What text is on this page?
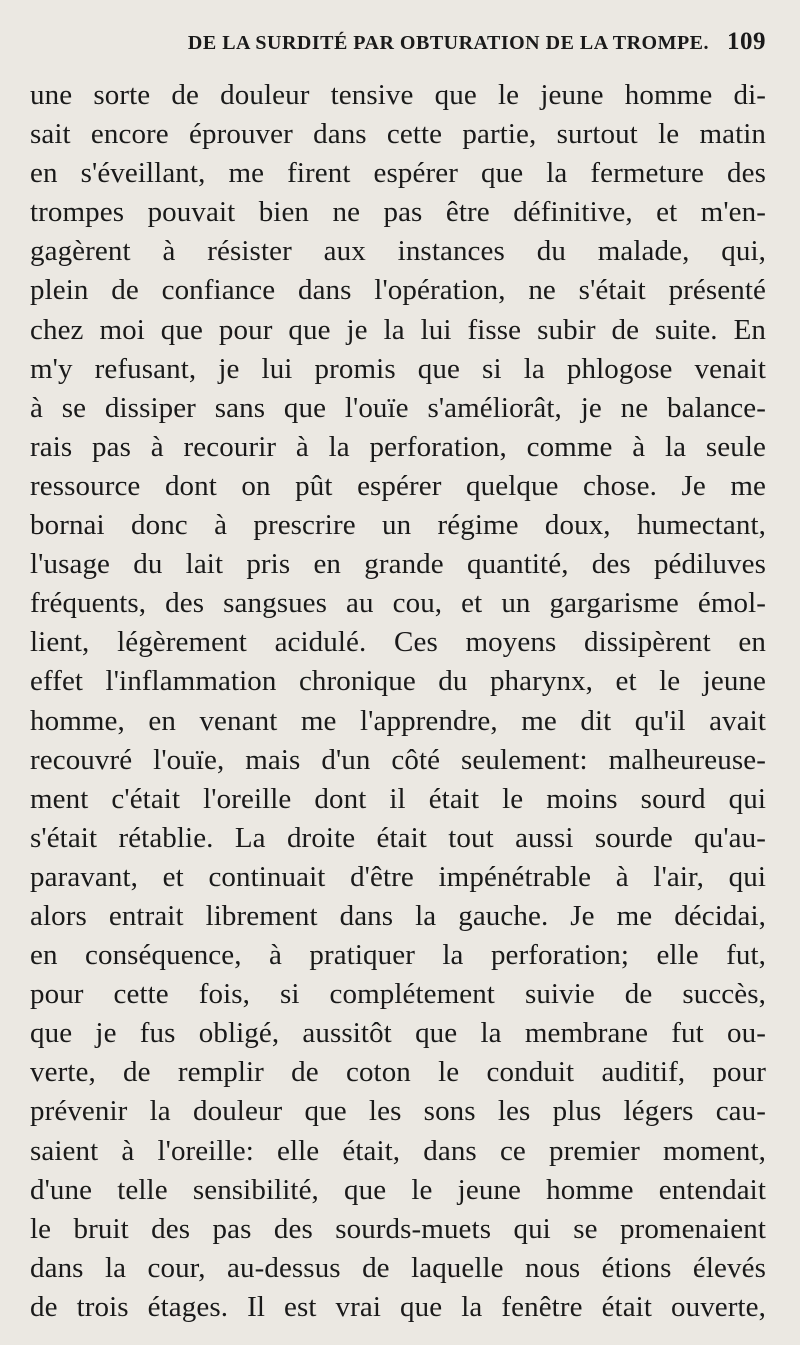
DE LA SURDITÉ PAR OBTURATION DE LA TROMPE. 109
une sorte de douleur tensive que le jeune homme di-
sait encore éprouver dans cette partie, surtout le matin
en s'éveillant, me firent espérer que la fermeture des
trompes pouvait bien ne pas être définitive, et m'en-
gagèrent à résister aux instances du malade, qui,
plein de confiance dans l'opération, ne s'était présenté
chez moi que pour que je la lui fisse subir de suite. En
m'y refusant, je lui promis que si la phlogose venait
à se dissiper sans que l'ouïe s'améliorât, je ne balance-
rais pas à recourir à la perforation, comme à la seule
ressource dont on pût espérer quelque chose. Je me
bornai donc à prescrire un régime doux, humectant,
l'usage du lait pris en grande quantité, des pédiluves
fréquents, des sangsues au cou, et un gargarisme émol-
lient, légèrement acidulé. Ces moyens dissipèrent en
effet l'inflammation chronique du pharynx, et le jeune
homme, en venant me l'apprendre, me dit qu'il avait
recouvré l'ouïe, mais d'un côté seulement: malheureuse-
ment c'était l'oreille dont il était le moins sourd qui
s'était rétablie. La droite était tout aussi sourde qu'au-
paravant, et continuait d'être impénétrable à l'air, qui
alors entrait librement dans la gauche. Je me décidai,
en conséquence, à pratiquer la perforation; elle fut,
pour cette fois, si complétement suivie de succès,
que je fus obligé, aussitôt que la membrane fut ou-
verte, de remplir de coton le conduit auditif, pour
prévenir la douleur que les sons les plus légers cau-
saient à l'oreille: elle était, dans ce premier moment,
d'une telle sensibilité, que le jeune homme entendait
le bruit des pas des sourds-muets qui se promenaient
dans la cour, au-dessus de laquelle nous étions élevés
de trois étages. Il est vrai que la fenêtre était ouverte,
